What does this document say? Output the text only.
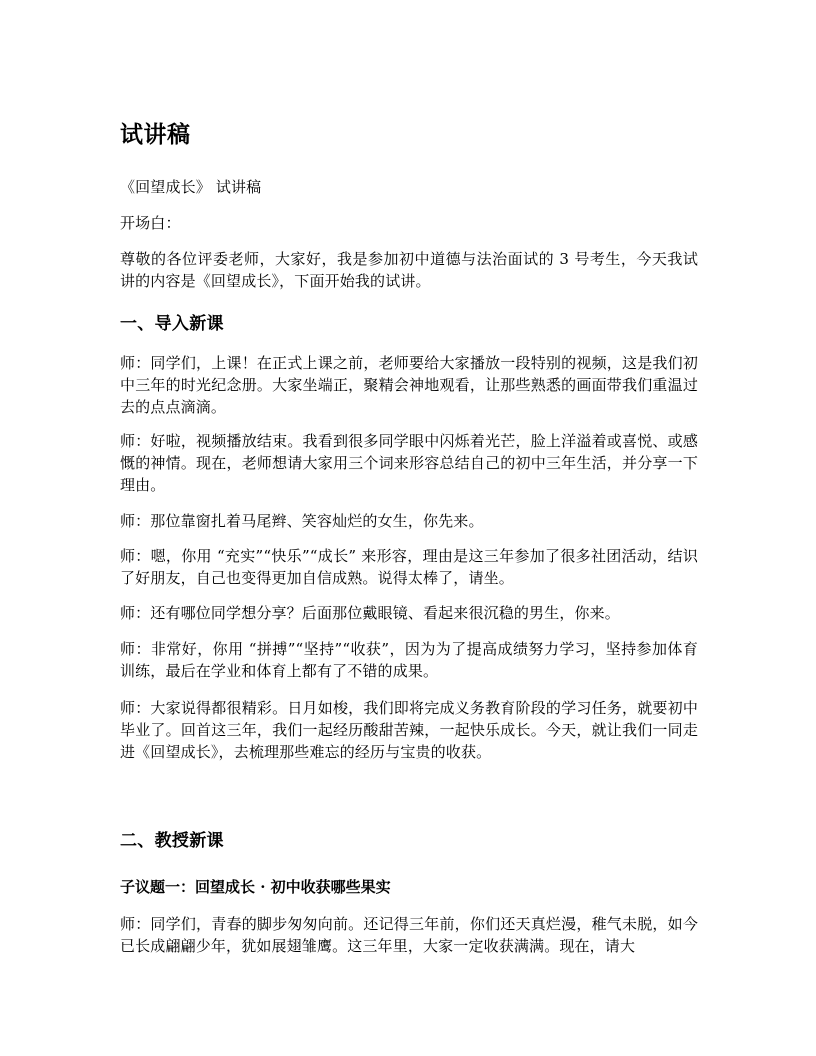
试讲稿

《回望成长》 试讲稿

开场白：

尊敬的各位评委老师，大家好，我是参加初中道德与法治面试的 3 号考生，今天我试讲的内容是《回望成长》，下面开始我的试讲。

一、导入新课

师：同学们，上课！在正式上课之前，老师要给大家播放一段特别的视频，这是我们初中三年的时光纪念册。大家坐端正，聚精会神地观看，让那些熟悉的画面带我们重温过去的点点滴滴。

师：好啦，视频播放结束。我看到很多同学眼中闪烁着光芒，脸上洋溢着或喜悦、或感慨的神情。现在，老师想请大家用三个词来形容总结自己的初中三年生活，并分享一下理由。

师：那位靠窗扎着马尾辫、笑容灿烂的女生，你先来。

师：嗯，你用 “充实”“快乐”“成长” 来形容，理由是这三年参加了很多社团活动，结识了好朋友，自己也变得更加自信成熟。说得太棒了，请坐。

师：还有哪位同学想分享？后面那位戴眼镜、看起来很沉稳的男生，你来。

师：非常好，你用 “拼搏”“坚持”“收获”，因为为了提高成绩努力学习，坚持参加体育训练，最后在学业和体育上都有了不错的成果。

师：大家说得都很精彩。日月如梭，我们即将完成义务教育阶段的学习任务，就要初中毕业了。回首这三年，我们一起经历酸甜苦辣，一起快乐成长。今天，就让我们一同走进《回望成长》，去梳理那些难忘的经历与宝贵的收获。

二、教授新课
子议题一：回望成长 · 初中收获哪些果实

师：同学们，青春的脚步匆匆向前。还记得三年前，你们还天真烂漫，稚气未脱，如今已长成翩翩少年，犹如展翅雏鹰。这三年里，大家一定收获满满。现在，请大
